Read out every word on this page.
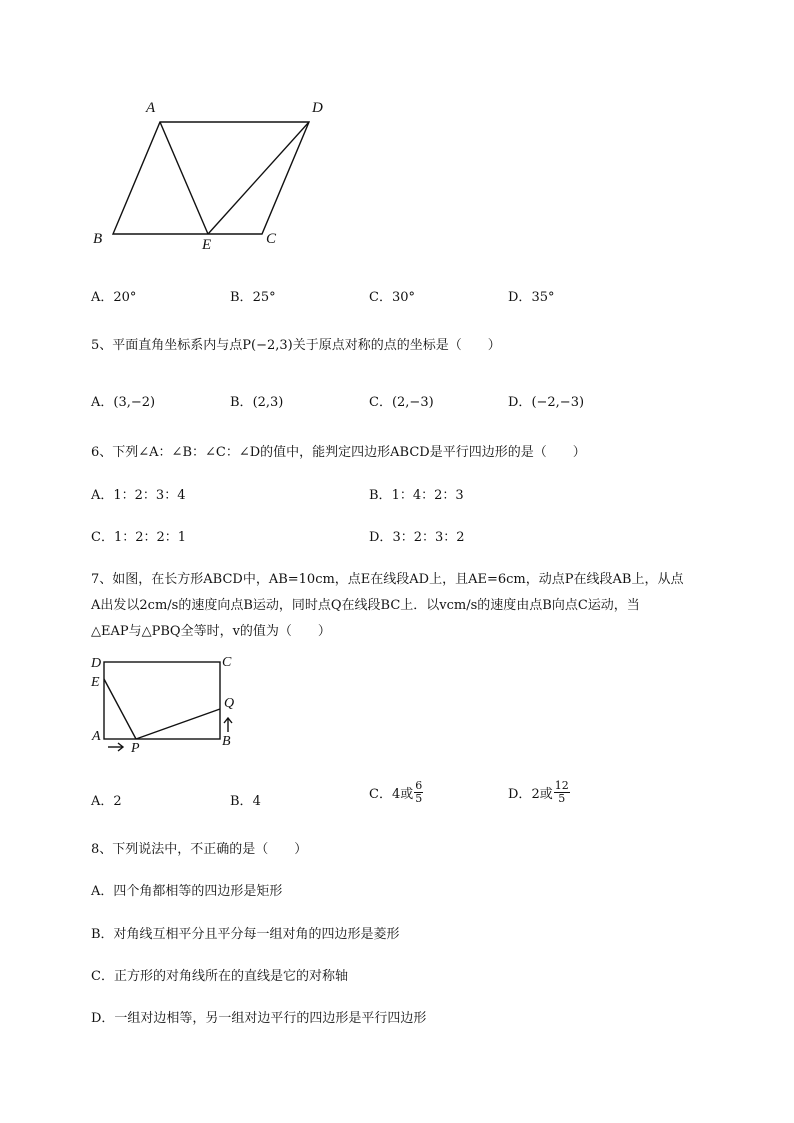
A	D
B	E	C
A．20°	B．25°	C．30°	D．35°
5、平面直角坐标系内与点P(−2,3)关于原点对称的点的坐标是（　　）
A．(3,−2)	B．(2,3)	C．(2,−3)	D．(−2,−3)
6、下列∠A：∠B：∠C：∠D的值中，能判定四边形ABCD是平行四边形的是（　　）
A．1：2：3：4	B．1：4：2：3
C．1：2：2：1	D．3：2：3：2
7、如图，在长方形ABCD中，AB=10cm，点E在线段AD上，且AE=6cm，动点P在线段AB上，从点
A出发以2cm/s的速度向点B运动，同时点Q在线段BC上．以vcm/s的速度由点B向点C运动，当
△EAP与△PBQ全等时，v的值为（　　）
D
E
A
C
Q
B
P
A．2	B．4	C．4或 $\frac{6}{5}$	D．2或 $\frac{12}{5}$
8、下列说法中，不正确的是（　　）
A．四个角都相等的四边形是矩形
B．对角线互相平分且平分每一组对角的四边形是菱形
C．正方形的对角线所在的直线是它的对称轴
D．一组对边相等，另一组对边平行的四边形是平行四边形
